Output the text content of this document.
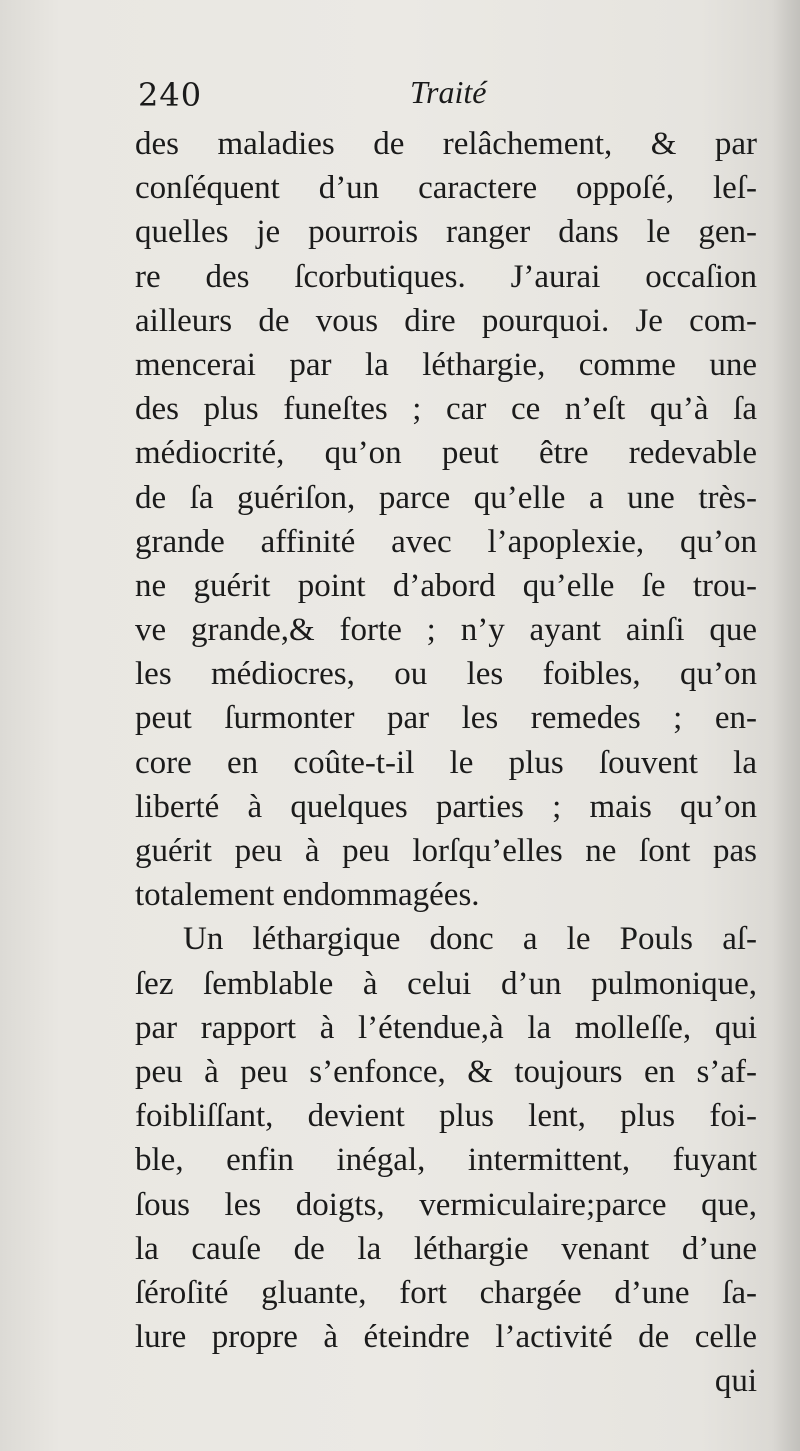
240	Traité
des maladies de relâchement, & par
conſéquent d’un caractere oppoſé, leſ-
quelles je pourrois ranger dans le gen-
re des ſcorbutiques. J’aurai occaſion
ailleurs de vous dire pourquoi. Je com-
mencerai par la léthargie, comme une
des plus funeſtes ; car ce n’eſt qu’à ſa
médiocrité, qu’on peut être redevable
de ſa guériſon, parce qu’elle a une très-
grande affinité avec l’apoplexie, qu’on
ne guérit point d’abord qu’elle ſe trou-
ve grande,& forte ; n’y ayant ainſi que
les médiocres, ou les foibles, qu’on
peut ſurmonter par les remedes ; en-
core en coûte-t-il le plus ſouvent la
liberté à quelques parties ; mais qu’on
guérit peu à peu lorſqu’elles ne ſont pas
totalement endommagées.
Un léthargique donc a le Pouls aſ-
ſez ſemblable à celui d’un pulmonique,
par rapport à l’étendue,à la molleſſe, qui
peu à peu s’enfonce, & toujours en s’af-
foibliſſant, devient plus lent, plus foi-
ble, enfin inégal, intermittent, fuyant
ſous les doigts, vermiculaire;parce que,
la cauſe de la léthargie venant d’une
ſéroſité gluante, fort chargée d’une ſa-
lure propre à éteindre l’activité de celle
qui
